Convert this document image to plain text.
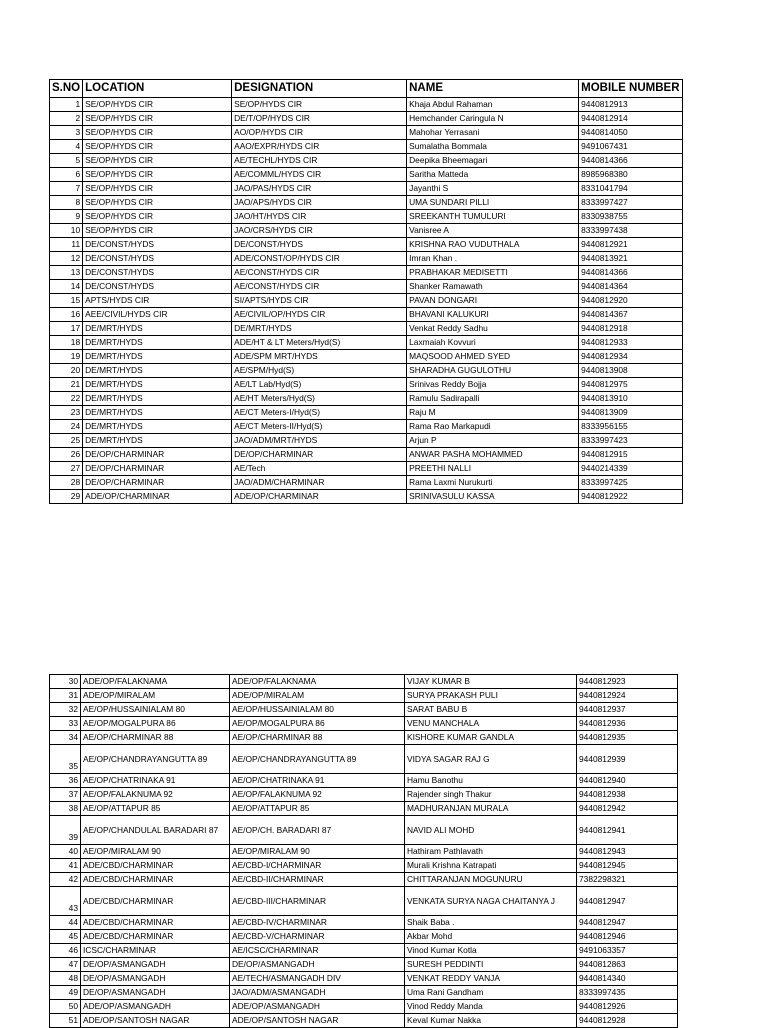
S.NO	LOCATION	DESIGNATION	NAME	MOBILE NUMBER
1	SE/OP/HYDS CIR	SE/OP/HYDS CIR	Khaja Abdul Rahaman	9440812913
2	SE/OP/HYDS CIR	DE/T/OP/HYDS CIR	Hemchander Caringula N	9440812914
3	SE/OP/HYDS CIR	AO/OP/HYDS CIR	Mahohar Yerrasani	9440814050
4	SE/OP/HYDS CIR	AAO/EXPR/HYDS CIR	Sumalatha Bommala	9491067431
5	SE/OP/HYDS CIR	AE/TECHL/HYDS CIR	Deepika Bheemagari	9440814366
6	SE/OP/HYDS CIR	AE/COMML/HYDS CIR	Saritha Matteda	8985968380
7	SE/OP/HYDS CIR	JAO/PAS/HYDS CIR	Jayanthi S	8331041794
8	SE/OP/HYDS CIR	JAO/APS/HYDS CIR	UMA SUNDARI PILLI	8333997427
9	SE/OP/HYDS CIR	JAO/HT/HYDS CIR	SREEKANTH TUMULURI	8330938755
10	SE/OP/HYDS CIR	JAO/CRS/HYDS CIR	Vanisree A	8333997438
11	DE/CONST/HYDS	DE/CONST/HYDS	KRISHNA RAO VUDUTHALA	9440812921
12	DE/CONST/HYDS	ADE/CONST/OP/HYDS CIR	Imran Khan .	9440813921
13	DE/CONST/HYDS	AE/CONST/HYDS CIR	PRABHAKAR MEDISETTI	9440814366
14	DE/CONST/HYDS	AE/CONST/HYDS CIR	Shanker Ramawath	9440814364
15	APTS/HYDS CIR	SI/APTS/HYDS CIR	PAVAN DONGARI	9440812920
16	AEE/CIVIL/HYDS CIR	AE/CIVIL/OP/HYDS CIR	BHAVANI KALUKURI	9440814367
17	DE/MRT/HYDS	DE/MRT/HYDS	Venkat Reddy Sadhu	9440812918
18	DE/MRT/HYDS	ADE/HT & LT Meters/Hyd(S)	Laxmaiah Kovvuri	9440812933
19	DE/MRT/HYDS	ADE/SPM MRT/HYDS	MAQSOOD AHMED SYED	9440812934
20	DE/MRT/HYDS	AE/SPM/Hyd(S)	SHARADHA GUGULOTHU	9440813908
21	DE/MRT/HYDS	AE/LT Lab/Hyd(S)	Srinivas Reddy Bojja	9440812975
22	DE/MRT/HYDS	AE/HT Meters/Hyd(S)	Ramulu Sadirapalli	9440813910
23	DE/MRT/HYDS	AE/CT Meters-I/Hyd(S)	Raju M	9440813909
24	DE/MRT/HYDS	AE/CT Meters-II/Hyd(S)	Rama Rao Markapudi	8333956155
25	DE/MRT/HYDS	JAO/ADM/MRT/HYDS	Arjun P	8333997423
26	DE/OP/CHARMINAR	DE/OP/CHARMINAR	ANWAR PASHA MOHAMMED	9440812915
27	DE/OP/CHARMINAR	AE/Tech	PREETHI NALLI	9440214339
28	DE/OP/CHARMINAR	JAO/ADM/CHARMINAR	Rama Laxmi Nurukurti	8333997425
29	ADE/OP/CHARMINAR	ADE/OP/CHARMINAR	SRINIVASULU KASSA	9440812922
30	ADE/OP/FALAKNAMA	ADE/OP/FALAKNAMA	VIJAY KUMAR B	9440812923
31	ADE/OP/MIRALAM	ADE/OP/MIRALAM	SURYA PRAKASH PULI	9440812924
32	AE/OP/HUSSAINIALAM 80	AE/OP/HUSSAINIALAM 80	SARAT BABU B	9440812937
33	AE/OP/MOGALPURA 86	AE/OP/MOGALPURA 86	VENU MANCHALA	9440812936
34	AE/OP/CHARMINAR 88	AE/OP/CHARMINAR 88	KISHORE KUMAR GANDLA	9440812935
35	AE/OP/CHANDRAYANGUTTA 89	AE/OP/CHANDRAYANGUTTA 89	VIDYA SAGAR RAJ G	9440812939
36	AE/OP/CHATRINAKA 91	AE/OP/CHATRINAKA 91	Hamu Banothu	9440812940
37	AE/OP/FALAKNUMA 92	AE/OP/FALAKNUMA 92	Rajender singh Thakur	9440812938
38	AE/OP/ATTAPUR 85	AE/OP/ATTAPUR 85	MADHURANJAN MURALA	9440812942
39	AE/OP/CHANDULAL BARADARI 87	AE/OP/CH. BARADARI 87	NAVID ALI MOHD	9440812941
40	AE/OP/MIRALAM 90	AE/OP/MIRALAM 90	Hathiram Pathlavath	9440812943
41	ADE/CBD/CHARMINAR	AE/CBD-I/CHARMINAR	Murali Krishna Katrapati	9440812945
42	ADE/CBD/CHARMINAR	AE/CBD-II/CHARMINAR	CHITTARANJAN MOGUNURU	7382298321
43	ADE/CBD/CHARMINAR	AE/CBD-III/CHARMINAR	VENKATA SURYA NAGA CHAITANYA J	9440812947
44	ADE/CBD/CHARMINAR	AE/CBD-IV/CHARMINAR	Shaik Baba .	9440812947
45	ADE/CBD/CHARMINAR	AE/CBD-V/CHARMINAR	Akbar Mohd	9440812946
46	ICSC/CHARMINAR	AE/ICSC/CHARMINAR	Vinod Kumar Kotla	9491063357
47	DE/OP/ASMANGADH	DE/OP/ASMANGADH	SURESH PEDDINTI	9440812863
48	DE/OP/ASMANGADH	AE/TECH/ASMANGADH DIV	VENKAT REDDY VANJA	9440814340
49	DE/OP/ASMANGADH	JAO/ADM/ASMANGADH	Uma Rani Gandham	8333997435
50	ADE/OP/ASMANGADH	ADE/OP/ASMANGADH	Vinod Reddy Manda	9440812926
51	ADE/OP/SANTOSH NAGAR	ADE/OP/SANTOSH NAGAR	Keval Kumar Nakka	9440812928
